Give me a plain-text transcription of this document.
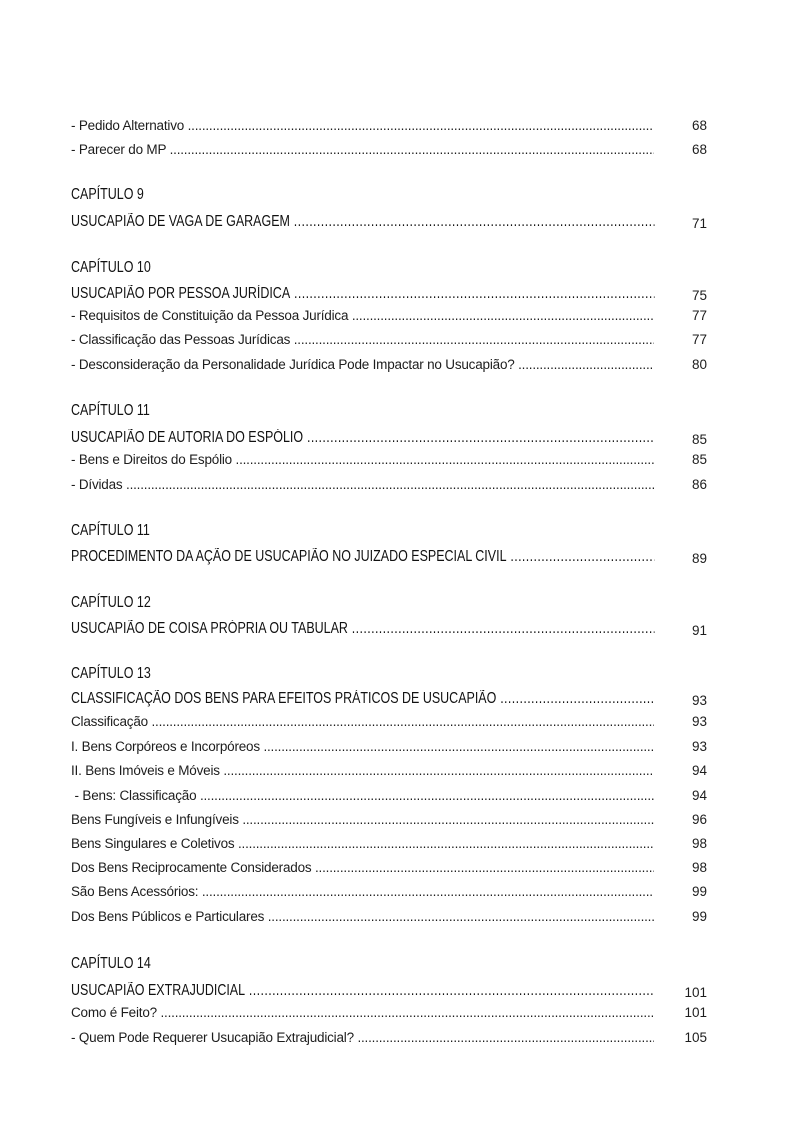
- Pedido Alternativo .....	68
- Parecer do MP .....	68
CAPÍTULO 9
USUCAPIÃO DE VAGA DE GARAGEM .....	71
CAPÍTULO 10
USUCAPIÃO POR PESSOA JURÍDICA .....	75
- Requisitos de Constituição da Pessoa Jurídica .....	77
- Classificação das Pessoas Jurídicas .....	77
- Desconsideração da Personalidade Jurídica Pode Impactar no Usucapião? .....	80
CAPÍTULO 11
USUCAPIÃO DE AUTORIA DO ESPÓLIO .....	85
- Bens e Direitos do Espólio .....	85
- Dívidas .....	86
CAPÍTULO 11
PROCEDIMENTO DA AÇÃO DE USUCAPIÃO NO JUIZADO ESPECIAL CIVIL .....	89
CAPÍTULO 12
USUCAPIÃO DE COISA PRÓPRIA OU TABULAR .....	91
CAPÍTULO 13
CLASSIFICAÇÃO DOS BENS PARA EFEITOS PRÁTICOS DE USUCAPIÃO .....	93
Classificação .....	93
I. Bens Corpóreos e Incorpóreos .....	93
II. Bens Imóveis e Móveis .....	94
- Bens: Classificação .....	94
Bens Fungíveis e Infungíveis .....	96
Bens Singulares e Coletivos .....	98
Dos Bens Reciprocamente Considerados .....	98
São Bens Acessórios: .....	99
Dos Bens Públicos e Particulares .....	99
CAPÍTULO 14
USUCAPIÃO EXTRAJUDICIAL .....	101
Como é Feito? .....	101
- Quem Pode Requerer Usucapião Extrajudicial? .....	105
